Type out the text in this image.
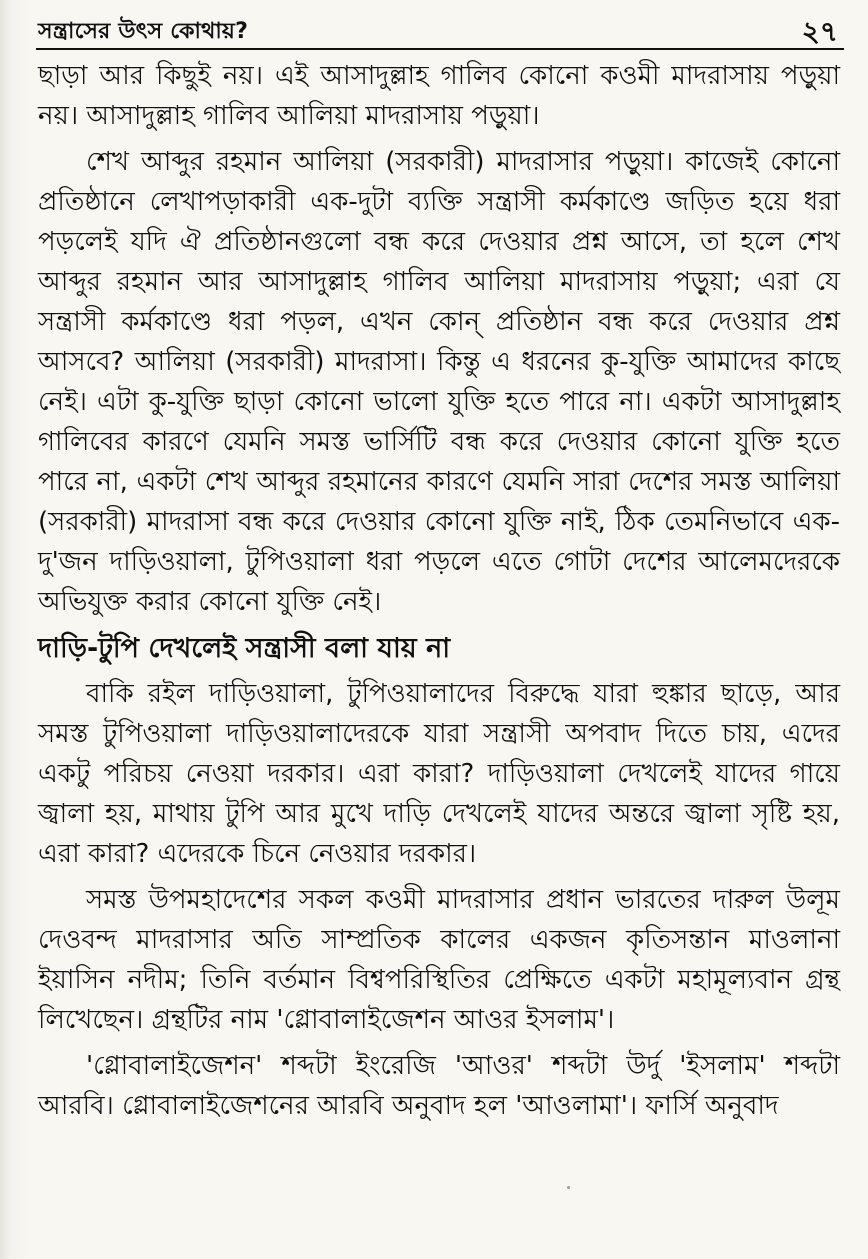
সন্ত্রাসের উৎস কোথায়?	২৭

ছাড়া আর কিছুই নয়। এই আসাদুল্লাহ গালিব কোনো কওমী মাদরাসায় পড়ুয়া নয়। আসাদুল্লাহ গালিব আলিয়া মাদরাসায় পড়ুয়া।

শেখ আব্দুর রহমান আলিয়া (সরকারী) মাদরাসার পড়ুয়া। কাজেই কোনো প্রতিষ্ঠানে লেখাপড়াকারী এক-দুটা ব্যক্তি সন্ত্রাসী কর্মকাণ্ডে জড়িত হয়ে ধরা পড়লেই যদি ঐ প্রতিষ্ঠানগুলো বন্ধ করে দেওয়ার প্রশ্ন আসে, তা হলে শেখ আব্দুর রহমান আর আসাদুল্লাহ গালিব আলিয়া মাদরাসায় পড়ুয়া; এরা যে সন্ত্রাসী কর্মকাণ্ডে ধরা পড়ল, এখন কোন্ প্রতিষ্ঠান বন্ধ করে দেওয়ার প্রশ্ন আসবে? আলিয়া (সরকারী) মাদরাসা। কিন্তু এ ধরনের কু-যুক্তি আমাদের কাছে নেই। এটা কু-যুক্তি ছাড়া কোনো ভালো যুক্তি হতে পারে না। একটা আসাদুল্লাহ গালিবের কারণে যেমনি সমস্ত ভার্সিটি বন্ধ করে দেওয়ার কোনো যুক্তি হতে পারে না, একটা শেখ আব্দুর রহমানের কারণে যেমনি সারা দেশের সমস্ত আলিয়া (সরকারী) মাদরাসা বন্ধ করে দেওয়ার কোনো যুক্তি নাই, ঠিক তেমনিভাবে এক-দু'জন দাড়িওয়ালা, টুপিওয়ালা ধরা পড়লে এতে গোটা দেশের আলেমদেরকে অভিযুক্ত করার কোনো যুক্তি নেই।

দাড়ি-টুপি দেখলেই সন্ত্রাসী বলা যায় না

বাকি রইল দাড়িওয়ালা, টুপিওয়ালাদের বিরুদ্ধে যারা হুঙ্কার ছাড়ে, আর সমস্ত টুপিওয়ালা দাড়িওয়ালাদেরকে যারা সন্ত্রাসী অপবাদ দিতে চায়, এদের একটু পরিচয় নেওয়া দরকার। এরা কারা? দাড়িওয়ালা দেখলেই যাদের গায়ে জ্বালা হয়, মাথায় টুপি আর মুখে দাড়ি দেখলেই যাদের অন্তরে জ্বালা সৃষ্টি হয়, এরা কারা? এদেরকে চিনে নেওয়ার দরকার।

সমস্ত উপমহাদেশের সকল কওমী মাদরাসার প্রধান ভারতের দারুল উলূম দেওবন্দ মাদরাসার অতি সাম্প্রতিক কালের একজন কৃতিসন্তান মাওলানা ইয়াসিন নদীম; তিনি বর্তমান বিশ্বপরিস্থিতির প্রেক্ষিতে একটা মহামূল্যবান গ্রন্থ লিখেছেন। গ্রন্থটির নাম 'গ্লোবালাইজেশন আওর ইসলাম'।

'গ্লোবালাইজেশন' শব্দটা ইংরেজি 'আওর' শব্দটা উর্দু 'ইসলাম' শব্দটা আরবি। গ্লোবালাইজেশনের আরবি অনুবাদ হল 'আওলামা'। ফার্সি অনুবাদ
